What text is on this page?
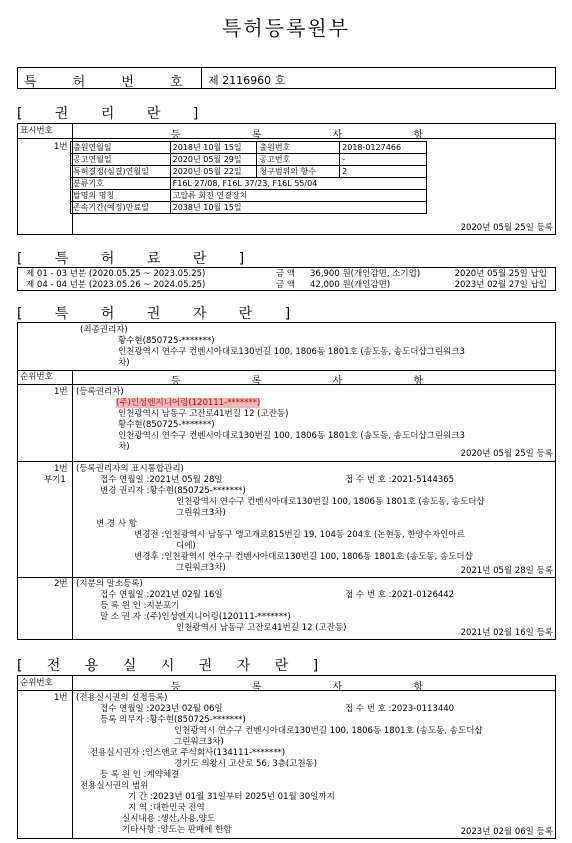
특허등록원부
특 허 번 호 제 2116960 호
[ 권 리 란 ]
표시번호	등 록 사 항
1번 출원연월일	2018년 10월 15일	출원번호	2018-0127466
공고연월일	2020년 05월 29일	공고번호	-
특허결정(심결)연월일	2020년 05월 22일	청구범위의 항수	2
분류기호	F16L 27/08, F16L 37/23, F16L 55/04		
발명의 명칭	고압류 회전 연결장치		
존속기간(예정)만료일	2038년 10월 15일		
2020년 05월 25일 등록
[ 특 허 료 란 ]
제 01 - 03 년분 (2020.05.25 ~ 2023.05.25)	금 액 36,900 원(개인감면, 소기업)	2020년 05월 25일 납입
제 04 - 04 년분 (2023.05.26 ~ 2024.05.25)	금 액 42,000 원(개인감면)	2023년 02월 27일 납입
[ 특 허 권 자 란 ]
(최종권리자)
황수현(850725-*******)
인천광역시 연수구 컨벤시아대로130번길 100, 1806동 1801호 (송도동, 송도더샵그린워크3
차)
순위번호	등 록 사 항
1번 (등록권리자)
(주)인성엔지니어링(120111-*******)
인천광역시 남동구 고잔로41번길 12 (고잔동)
황수현(850725-*******)
인천광역시 연수구 컨벤시아대로130번길 100, 1806동 1801호 (송도동, 송도더샵그린워크3
차)
2020년 05월 25일 등록
1번
부기1
(등록권리자의 표시통합관리)
접수 연월일 :2021년 05월 28일	접 수 번 호 :2021-5144365
변경 권리자 :황수현(850725-*******)
인천광역시 연수구 컨벤시아대로130번길 100, 1806동 1801호 (송도동, 송도더샵
그린워크3차)
변 경 사 항
변경전 :인천광역시 남동구 앵고개로815번길 19, 104동 204호 (논현동, 한양수자인아르
디에)
변경후 :인천광역시 연수구 컨벤시아대로130번길 100, 1806동 1801호 (송도동, 송도더샵
그린워크3차)	2021년 05월 28일 등록
2번 (지분의 말소등록)
접수 연월일 :2021년 02월 16일	접 수 번 호 :2021-0126442
등 록 원 인 :지분포기
말 소 권 자 :(주)인성엔지니어링(120111-*******)
인천광역시 남동구 고잔로41번길 12 (고잔동)	2021년 02월 16일 등록
[ 전 용 실 시 권 자 란 ]
순위번호	등 록 사 항
1번 (전용실시권의 설정등록)
접수 연월일 :2023년 02월 06일	접 수 번 호 :2023-0113440
등록 의무자 :황수현(850725-*******)
인천광역시 연수구 컨벤시아대로130번길 100, 1806동 1801호 (송도동, 송도더샵
그린워크3차)
전용실시권자 :인스앤코 주식회사(134111-*******)
경기도 의왕시 고산로 56, 3층(고천동)
등 록 원 인 :계약체결
전용실시권의 범위
기 간 :2023년 01월 31일부터 2025년 01월 30일까지
지 역 :대한민국 전역
실시내용 :생산,사용,양도
기타사항 :양도는 판매에 한함	2023년 02월 06일 등록
